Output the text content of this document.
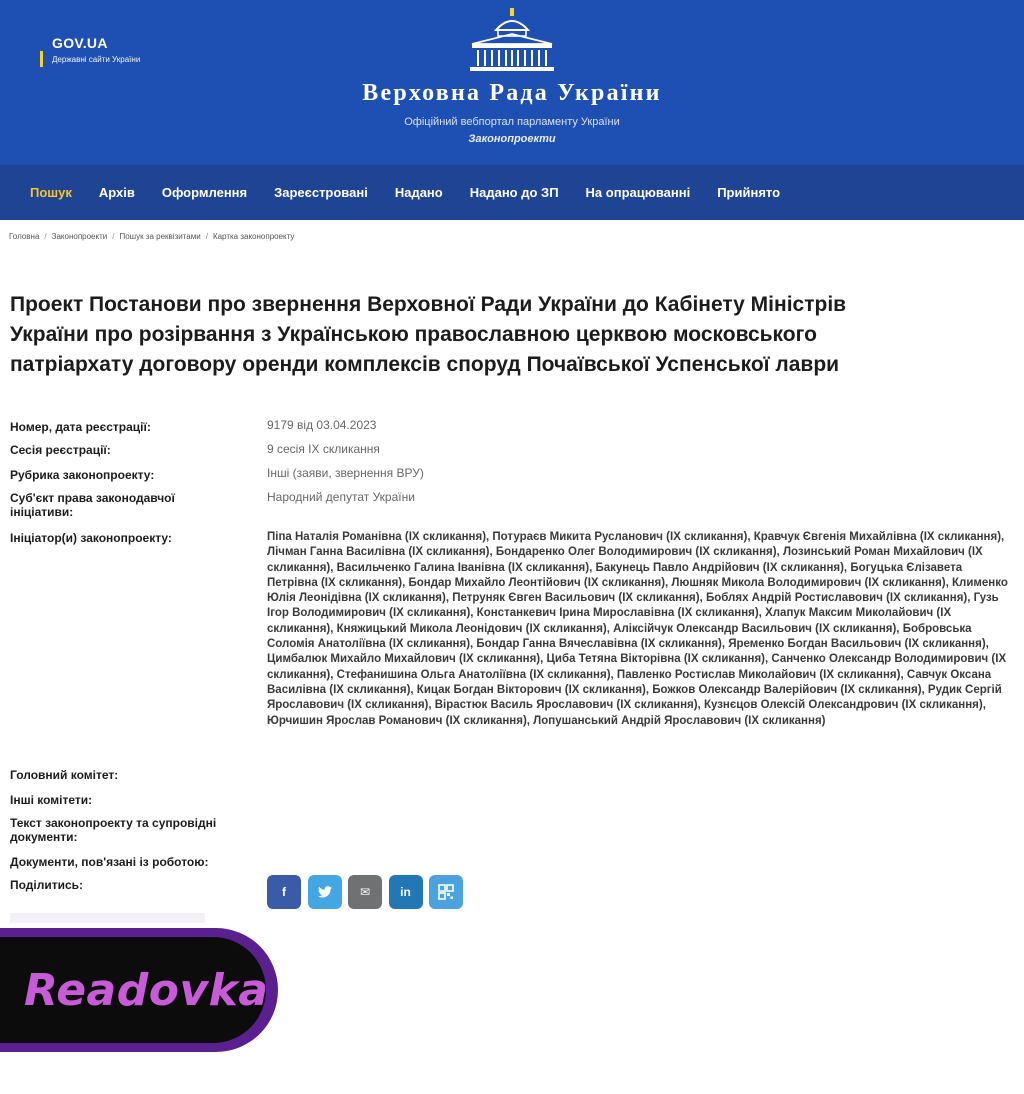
GOV.UA
Державні сайти України
Верховна Рада України
Офіційний вебпортал парламенту України
Законопроекти
Пошук Архів Оформлення Зареєстровані Надано Надано до ЗП На опрацюванні Прийнято
Головна / Законопроекти / Пошук за реквізитами / Картка законопроекту
Проект Постанови про звернення Верховної Ради України до Кабінету Міністрів України про розірвання з Українською православною церквою московського патріархату договору оренди комплексів споруд Почаївської Успенської лаври
Номер, дата реєстрації:	9179 від 03.04.2023
Сесія реєстрації:	9 сесія IX скликання
Рубрика законопроекту:	Інші (заяви, звернення ВРУ)
Суб'єкт права законодавчої ініціативи:
Народний депутат України
Ініціатор(и) законопроекту:	Піпа Наталія Романівна (IX скликання), Потураєв Микита Русланович (IX скликання), Кравчук Євгенія Михайлівна (IX скликання), Лічман Ганна Василівна (IX скликання), Бондаренко Олег Володимирович (IX скликання), Лозинський Роман Михайлович (IX скликання), Васильченко Галина Іванівна (IX скликання), Бакунець Павло Андрійович (IX скликання), Богуцька Єлізавета Петрівна (IX скликання), Бондар Михайло Леонтійович (IX скликання), Люшняк Микола Володимирович (IX скликання), Клименко Юлія Леонідівна (IX скликання), Петруняк Євген Васильович (IX скликання), Боблях Андрій Ростиславович (IX скликання), Гузь Ігор Володимирович (IX скликання), Констанкевич Ірина Мирославівна (IX скликання), Хлапук Максим Миколайович (IX скликання), Княжицький Микола Леонідович (IX скликання), Аліксійчук Олександр Васильович (IX скликання), Бобровська Соломія Анатоліївна (IX скликання), Бондар Ганна Вячеславівна (IX скликання), Яременко Богдан Васильович (IX скликання), Цимбалюк Михайло Михайлович (IX скликання), Циба Тетяна Вікторівна (IX скликання), Санченко Олександр Володимирович (IX скликання), Стефанишина Ольга Анатоліївна (IX скликання), Павленко Ростислав Миколайович (IX скликання), Савчук Оксана Василівна (IX скликання), Кицак Богдан Вікторович (IX скликання), Божков Олександр Валерійович (IX скликання), Рудик Сергій Ярославович (IX скликання), Вірастюк Василь Ярославович (IX скликання), Кузнєцов Олексій Олександрович (IX скликання), Юрчишин Ярослав Романович (IX скликання), Лопушанський Андрій Ярославович (IX скликання)
Головний комітет:
Інші комітети:
Текст законопроекту та супровідні документи:
Документи, пов'язані із роботою:
Поділитись:	f	✉	in
Readovka
